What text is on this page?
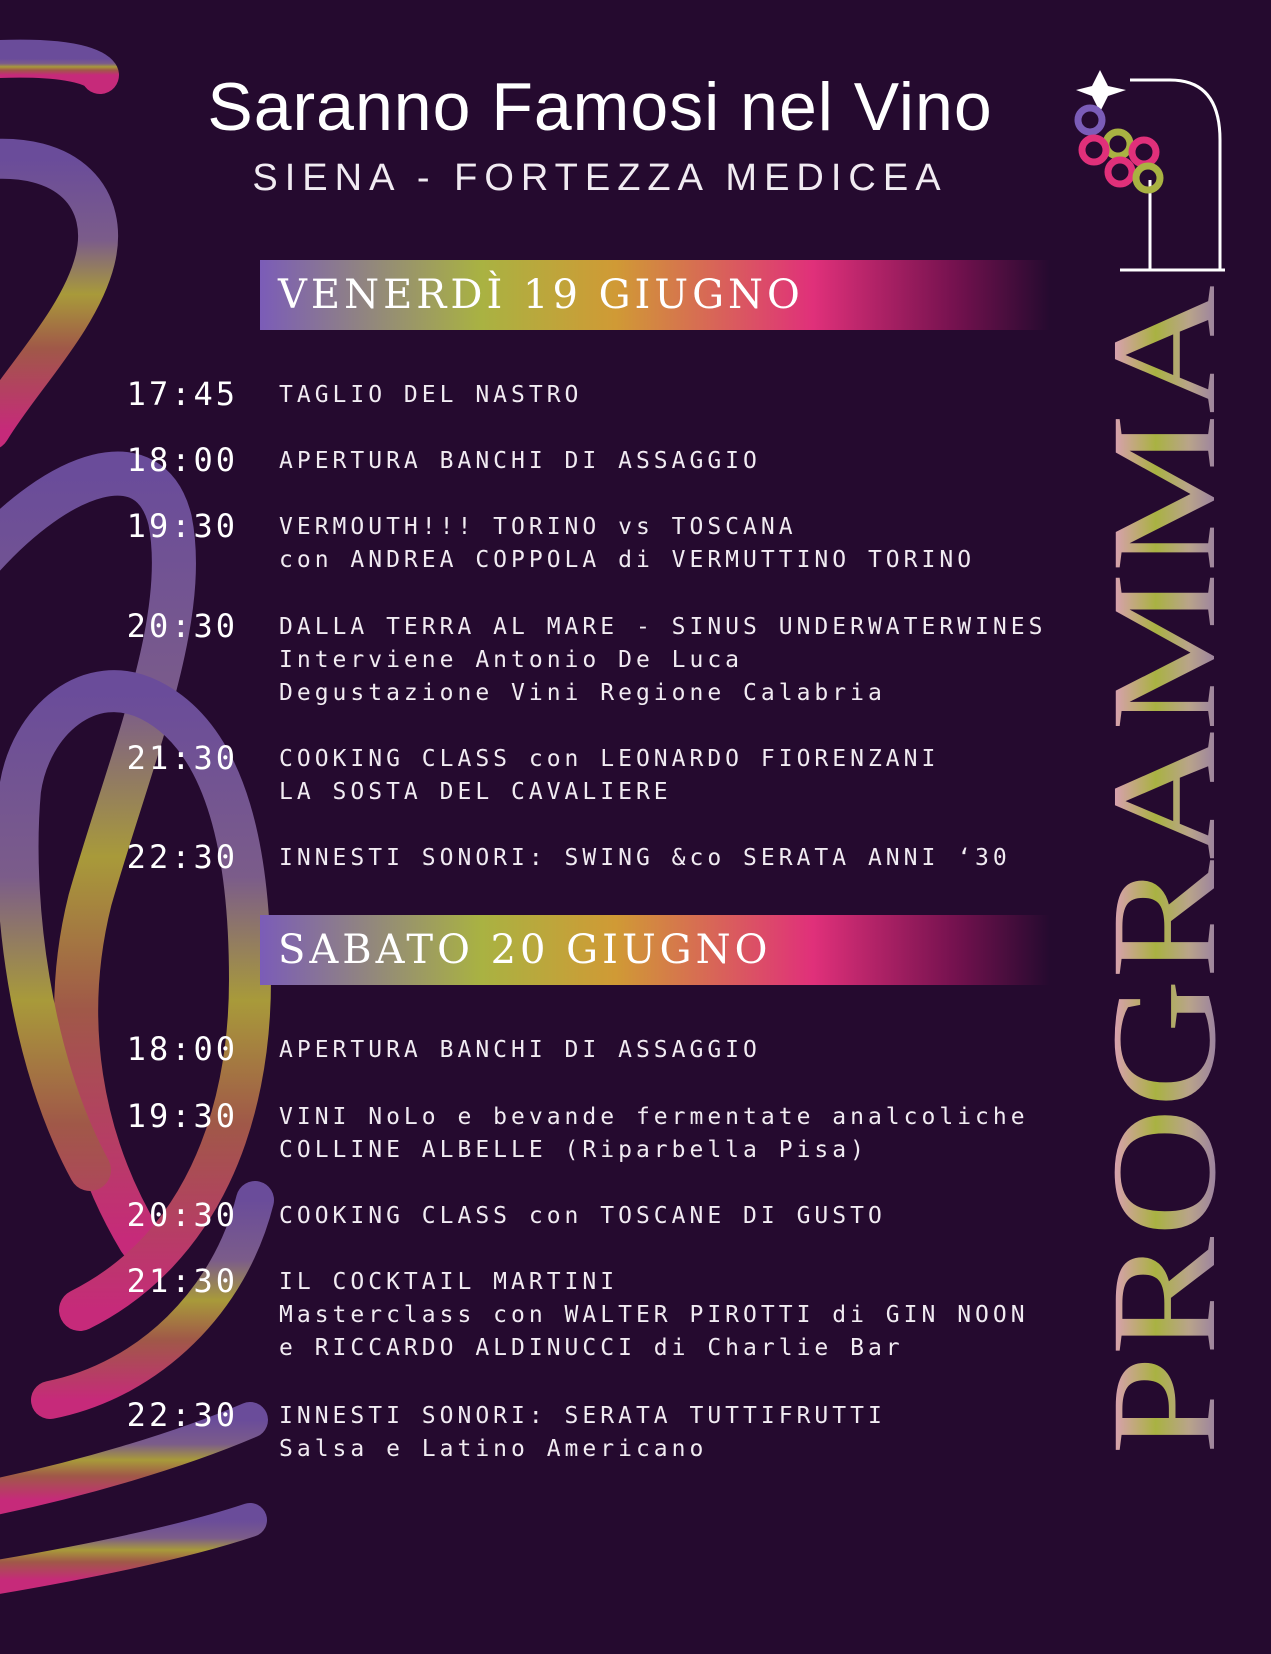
Saranno Famosi nel Vino
SIENA - FORTEZZA MEDICEA
PROGRAMMA
VENERDÌ 19 GIUGNO
17:45 TAGLIO DEL NASTRO
18:00 APERTURA BANCHI DI ASSAGGIO
19:30 VERMOUTH!!! TORINO vs TOSCANA
con ANDREA COPPOLA di VERMUTTINO TORINO
20:30 DALLA TERRA AL MARE - SINUS UNDERWATERWINES
Interviene Antonio De Luca
Degustazione Vini Regione Calabria
21:30 COOKING CLASS con LEONARDO FIORENZANI
LA SOSTA DEL CAVALIERE
22:30 INNESTI SONORI: SWING &co SERATA ANNI ‘30
SABATO 20 GIUGNO
18:00 APERTURA BANCHI DI ASSAGGIO
19:30 VINI NoLo e bevande fermentate analcoliche
COLLINE ALBELLE (Riparbella Pisa)
20:30 COOKING CLASS con TOSCANE DI GUSTO
21:30 IL COCKTAIL MARTINI
Masterclass con WALTER PIROTTI di GIN NOON
e RICCARDO ALDINUCCI di Charlie Bar
22:30 INNESTI SONORI: SERATA TUTTIFRUTTI
Salsa e Latino Americano
